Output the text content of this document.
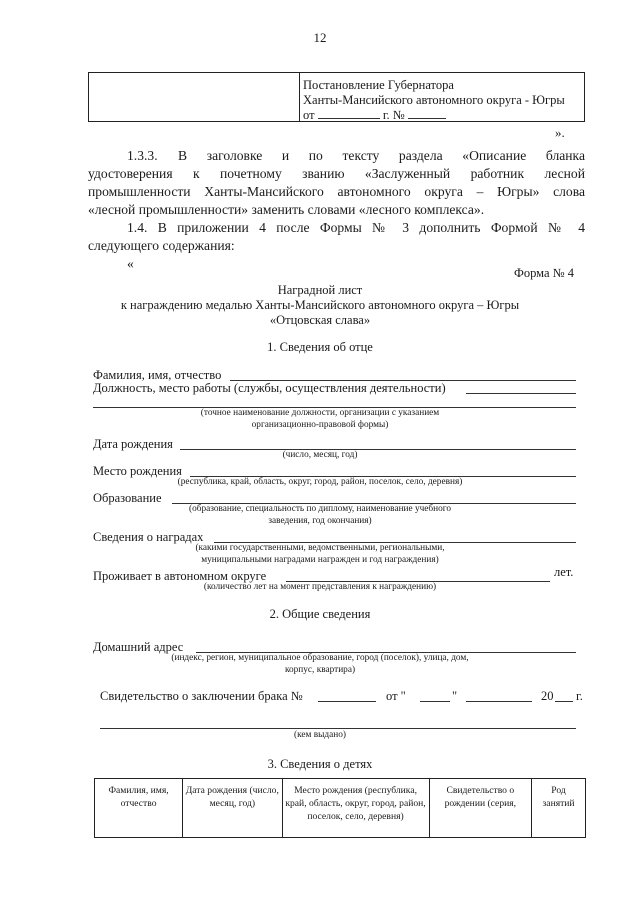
12
Постановление Губернатора
Ханты-Мансийского автономного округа - Югры
от	г. №
».
1.3.3. В заголовке и по тексту раздела «Описание бланка
удостоверения к почетному званию «Заслуженный работник лесной
промышленности Ханты-Мансийского автономного округа – Югры» слова
«лесной промышленности» заменить словами «лесного комплекса».
1.4. В приложении 4 после Формы № 3 дополнить Формой № 4
следующего содержания:
«
Форма № 4
Наградной лист
к награждению медалью Ханты-Мансийского автономного округа – Югры
«Отцовская слава»
1. Сведения об отце
Фамилия, имя, отчество
Должность, место работы (службы, осуществления деятельности)
(точное наименование должности, организации с указанием
организационно-правовой формы)
Дата рождения
(число, месяц, год)
Место рождения
(республика, край, область, округ, город, район, поселок, село, деревня)
Образование
(образование, специальность по диплому, наименование учебного
заведения, год окончания)
Сведения о наградах
(какими государственными, ведомственными, региональными,
муниципальными наградами награжден и год награждения)
Проживает в автономном округе	лет.
(количество лет на момент представления к награждению)
2. Общие сведения
Домашний адрес
(индекс, регион, муниципальное образование, город (поселок), улица, дом,
корпус, квартира)
Свидетельство о заключении брака №	от "	"	20 г.
(кем выдано)
3. Сведения о детях
Фамилия, имя, отчество	Дата рождения (число, месяц, год)	Место рождения (республика, край, область, округ, город, район, поселок, село, деревня)	Свидетельство о рождении (серия,	Род занятий
